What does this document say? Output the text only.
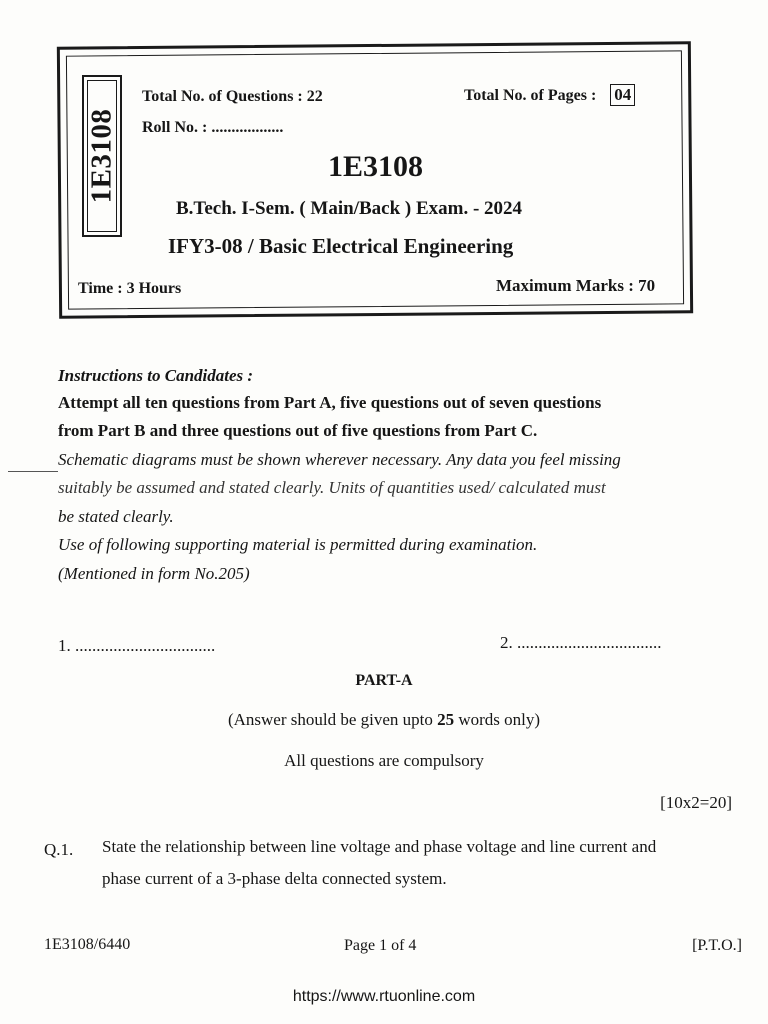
1E3108
Total No. of Questions : 22	Total No. of Pages : 04
Roll No. : ..................
1E3108
B.Tech. I-Sem. ( Main/Back ) Exam. - 2024
IFY3-08 / Basic Electrical Engineering
Time : 3 Hours	Maximum Marks : 70
Instructions to Candidates :
Attempt all ten questions from Part A, five questions out of seven questions
from Part B and three questions out of five questions from Part C.
Schematic diagrams must be shown wherever necessary. Any data you feel missing
suitably be assumed and stated clearly. Units of quantities used/ calculated must
be stated clearly.
Use of following supporting material is permitted during examination.
(Mentioned in form No.205)
1. .................................	2. ..................................
PART-A
(Answer should be given upto 25 words only)
All questions are compulsory
[10x2=20]
Q.1. State the relationship between line voltage and phase voltage and line current and
phase current of a 3-phase delta connected system.
1E3108/6440	Page 1 of 4	[P.T.O.]
https://www.rtuonline.com
